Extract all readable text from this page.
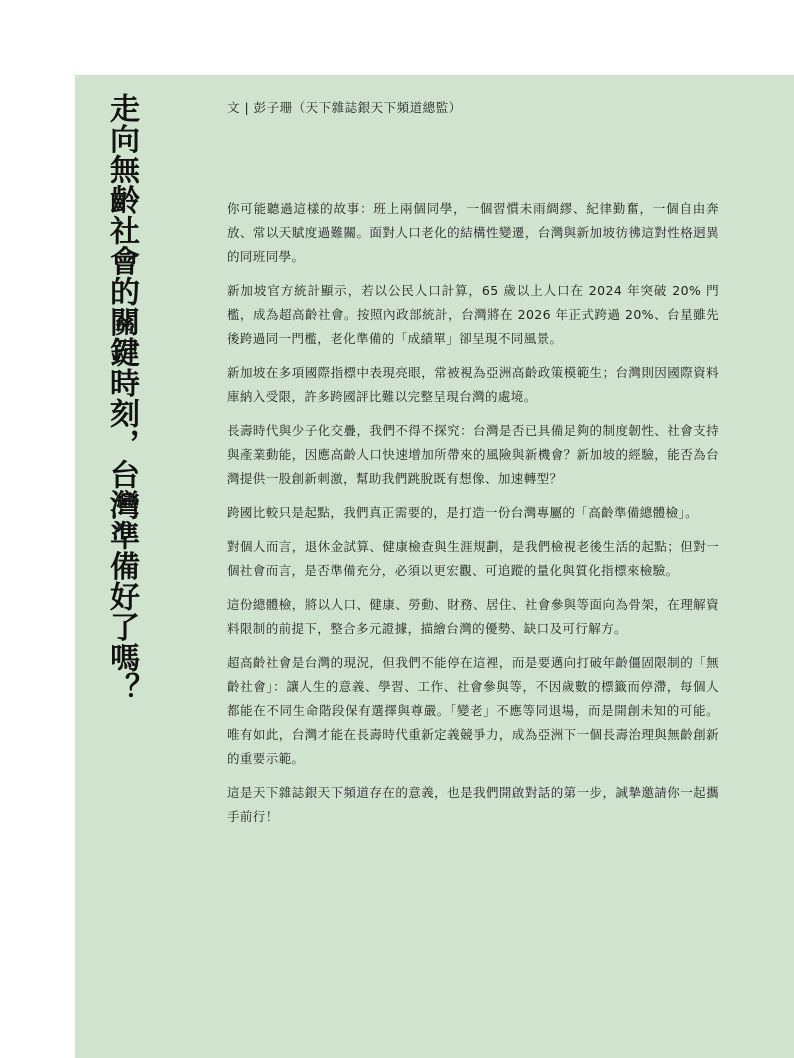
走向無齡社會的關鍵時刻，台灣準備好了嗎？	文 | 彭子珊（天下雜誌銀天下頻道總監）

你可能聽過這樣的故事：班上兩個同學，一個習慣未雨綢繆、紀律勤奮，一個自由奔放、常以天賦度過難關。面對人口老化的結構性變遷，台灣與新加坡彷彿這對性格迥異的同班同學。

新加坡官方統計顯示，若以公民人口計算，65 歲以上人口在 2024 年突破 20% 門檻，成為超高齡社會。按照內政部統計，台灣將在 2026 年正式跨過 20%、台星雖先後跨過同一門檻，老化準備的「成績單」卻呈現不同風景。

新加坡在多項國際指標中表現亮眼，常被視為亞洲高齡政策模範生；台灣則因國際資料庫納入受限，許多跨國評比難以完整呈現台灣的處境。

長壽時代與少子化交疊，我們不得不探究：台灣是否已具備足夠的制度韌性、社會支持與產業動能，因應高齡人口快速增加所帶來的風險與新機會？新加坡的經驗，能否為台灣提供一股創新刺激，幫助我們跳脫既有想像、加速轉型？

跨國比較只是起點，我們真正需要的，是打造一份台灣專屬的「高齡準備總體檢」。

對個人而言，退休金試算、健康檢查與生涯規劃，是我們檢視老後生活的起點；但對一個社會而言，是否準備充分，必須以更宏觀、可追蹤的量化與質化指標來檢驗。

這份總體檢，將以人口、健康、勞動、財務、居住、社會參與等面向為骨架，在理解資料限制的前提下，整合多元證據，描繪台灣的優勢、缺口及可行解方。

超高齡社會是台灣的現況，但我們不能停在這裡，而是要邁向打破年齡僵固限制的「無齡社會」：讓人生的意義、學習、工作、社會參與等，不因歲數的標籤而停滯，每個人都能在不同生命階段保有選擇與尊嚴。「變老」不應等同退場，而是開創未知的可能。唯有如此，台灣才能在長壽時代重新定義競爭力，成為亞洲下一個長壽治理與無齡創新的重要示範。

這是天下雜誌銀天下頻道存在的意義，也是我們開啟對話的第一步，誠摯邀請你一起攜手前行！
